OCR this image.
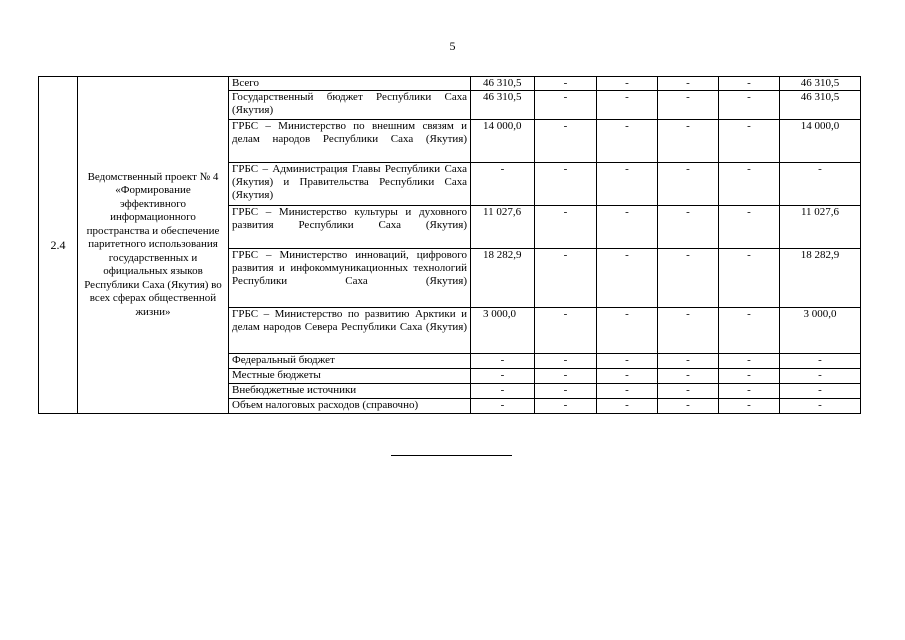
5
2.4	Ведомственный проект № 4 «Формирование эффективного информационного пространства и обеспечение паритетного использования государственных и официальных языков Республики Саха (Якутия) во всех сферах общественной жизни»	Всего	46 310,5	-	-	-	-	46 310,5
		Государственный бюджет Республики Саха (Якутия)	46 310,5	-	-	-	-	46 310,5
		ГРБС – Министерство по внешним связям и делам народов Республики Саха (Якутия)	14 000,0	-	-	-	-	14 000,0
		ГРБС – Администрация Главы Республики Саха (Якутия) и Правительства Республики Саха (Якутия)	-	-	-	-	-	-
		ГРБС – Министерство культуры и духовного развития Республики Саха (Якутия)	11 027,6	-	-	-	-	11 027,6
		ГРБС – Министерство инноваций, цифрового развития и инфокоммуникационных технологий Республики Саха (Якутия)	18 282,9	-	-	-	-	18 282,9
		ГРБС – Министерство по развитию Арктики и делам народов Севера Республики Саха (Якутия)	3 000,0	-	-	-	-	3 000,0
		Федеральный бюджет	-	-	-	-	-	-
		Местные бюджеты	-	-	-	-	-	-
		Внебюджетные источники	-	-	-	-	-	-
		Объем налоговых расходов (справочно)	-	-	-	-	-	-
